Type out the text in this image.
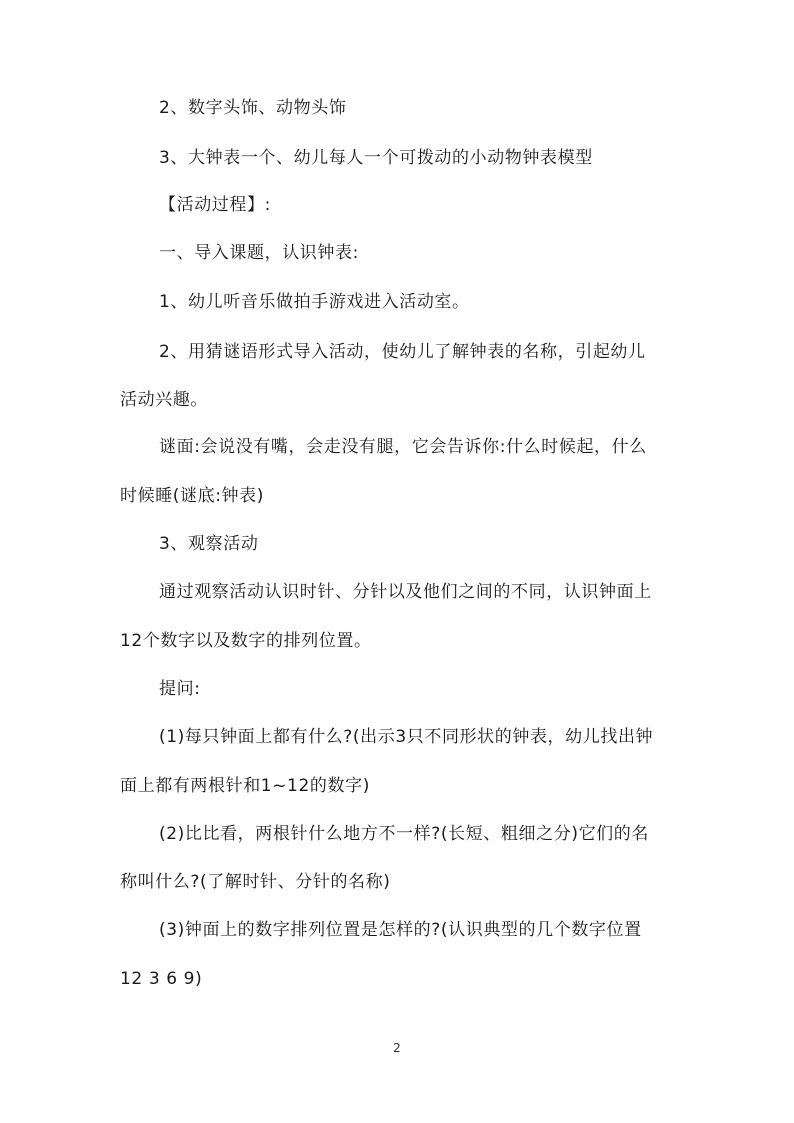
2、数字头饰、动物头饰
3、大钟表一个、幼儿每人一个可拨动的小动物钟表模型
【活动过程】:
一、导入课题，认识钟表:
1、幼儿听音乐做拍手游戏进入活动室。
2、用猜谜语形式导入活动，使幼儿了解钟表的名称，引起幼儿
活动兴趣。
谜面:会说没有嘴，会走没有腿，它会告诉你:什么时候起，什么
时候睡(谜底:钟表)
3、观察活动
通过观察活动认识时针、分针以及他们之间的不同，认识钟面上
12个数字以及数字的排列位置。
提问:
(1)每只钟面上都有什么?(出示3只不同形状的钟表，幼儿找出钟
面上都有两根针和1~12的数字)
(2)比比看，两根针什么地方不一样?(长短、粗细之分)它们的名
称叫什么?(了解时针、分针的名称)
(3)钟面上的数字排列位置是怎样的?(认识典型的几个数字位置
12 3 6 9)
2
